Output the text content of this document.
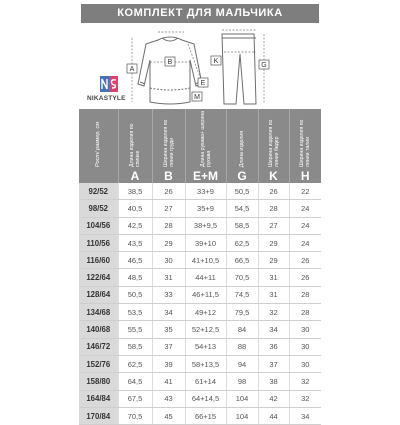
КОМПЛЕКТ ДЛЯ МАЛЬЧИКА
A
B
E
M
K
G
NIKASTYLE
Рост/ размер, см	Длина изделия по спинке	Ширина изделия по линии груди	Длина рукава+ ширина рукава	Длина изделия	Ширина изделия по линии бедер	Ширина изделия по линии талии

	A	B	E+M	G	K	H
92/52	38,5	26	33+9	50,5	26	22
98/52	40,5	27	35+9	54,5	28	24
104/56	42,5	28	38+9,5	58,5	27	24
110/56	43,5	29	39+10	62,5	29	24
116/60	46,5	30	41+10,5	66,5	29	26
122/64	48,5	31	44+11	70,5	31	26
128/64	50,5	33	46+11,5	74,5	31	28
134/68	53,5	34	49+12	79,5	32	28
140/68	55,5	35	52+12,5	84	34	30
146/72	58,5	37	54+13	88	36	30
152/76	62,5	39	58+13,5	94	37	30
158/80	64,5	41	61+14	98	38	32
164/84	67,5	43	64+14,5	104	42	32
170/84	70,5	45	66+15	104	44	34
